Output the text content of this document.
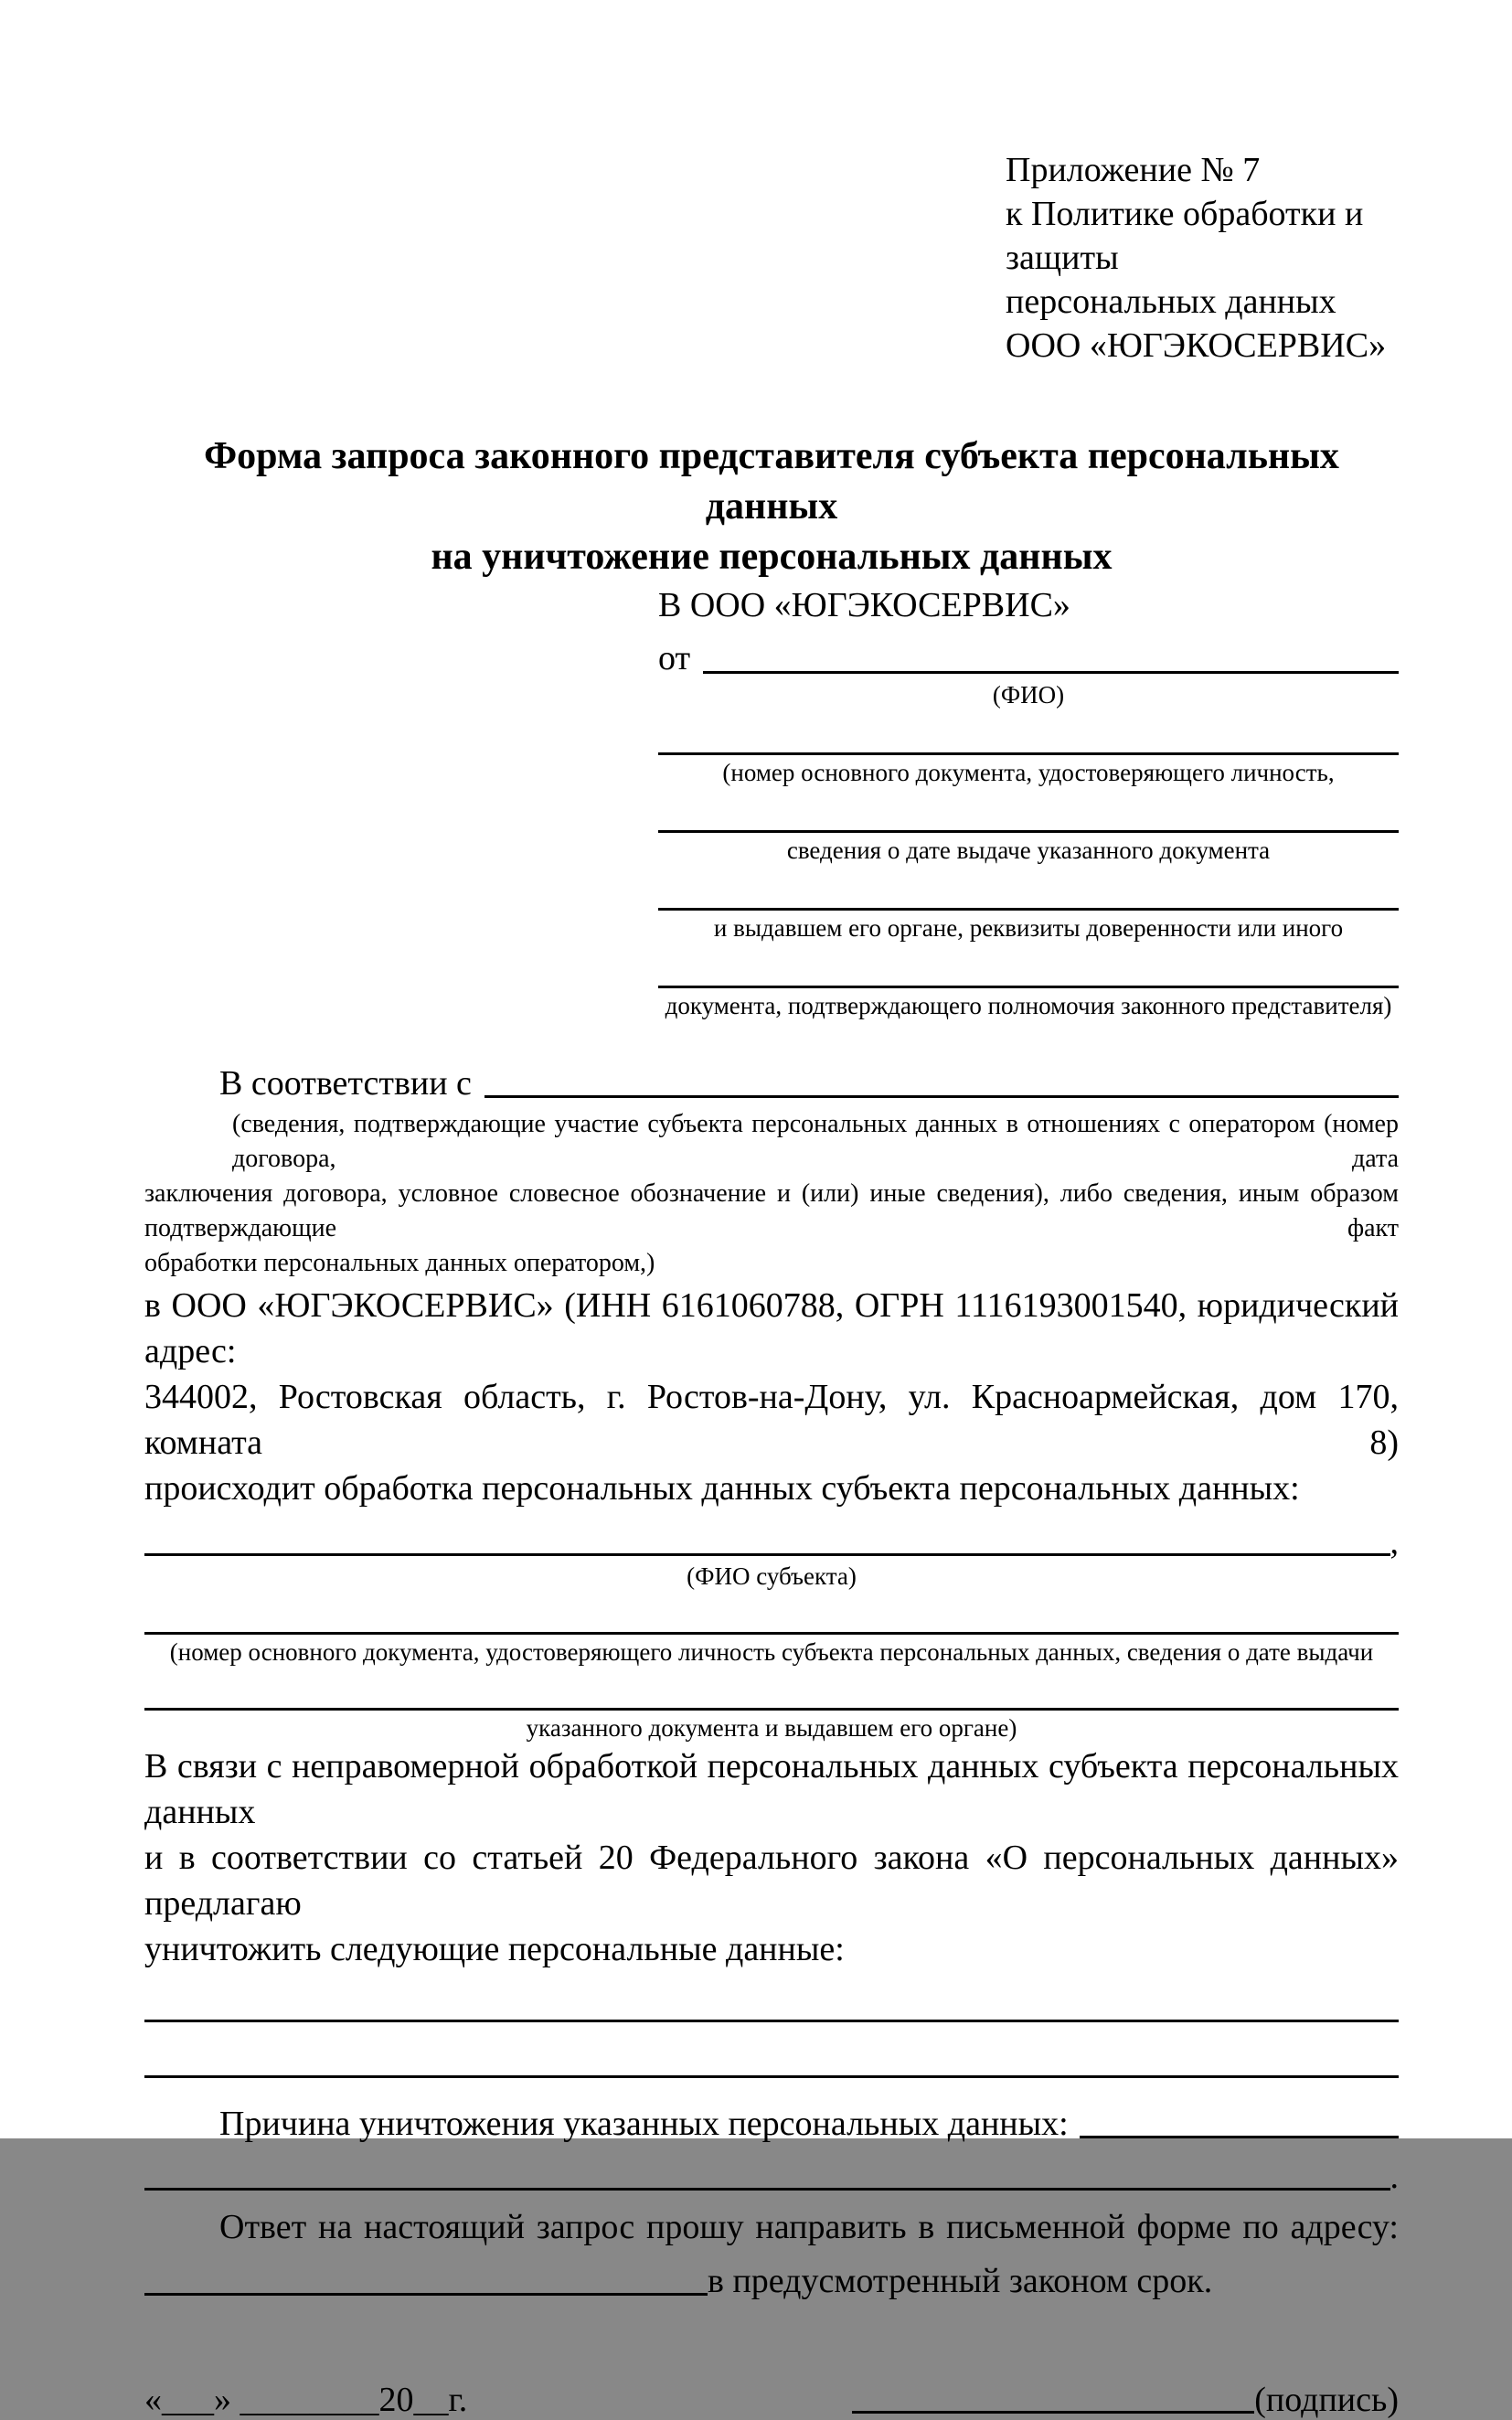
Приложение № 7
к Политике обработки и защиты
персональных данных
ООО «ЮГЭКОСЕРВИС»
Форма запроса законного представителя субъекта персональных данных
на уничтожение персональных данных
В ООО «ЮГЭКОСЕРВИС»
от
(ФИО)
(номер основного документа, удостоверяющего личность,
сведения о дате выдаче указанного документа
и выдавшем его органе, реквизиты доверенности или иного
документа, подтверждающего полномочия законного представителя)
В соответствии с
(сведения, подтверждающие участие субъекта персональных данных в отношениях с оператором (номер договора, дата
заключения договора, условное словесное обозначение и (или) иные сведения), либо сведения, иным образом подтверждающие факт
обработки персональных данных оператором,)
в ООО «ЮГЭКОСЕРВИС» (ИНН 6161060788, ОГРН 1116193001540, юридический адрес:
344002, Ростовская область, г. Ростов-на-Дону, ул. Красноармейская, дом 170, комната 8)
происходит обработка персональных данных субъекта персональных данных:
,
(ФИО субъекта)
(номер основного документа, удостоверяющего личность субъекта персональных данных, сведения о дате выдачи
указанного документа и выдавшем его органе)
В связи с неправомерной обработкой персональных данных субъекта персональных данных
и в соответствии со статьей 20 Федерального закона «О персональных данных» предлагаю
уничтожить следующие персональные данные:
Причина уничтожения указанных персональных данных:
.
Ответ на настоящий запрос прошу направить в письменной форме по адресу:
в предусмотренный законом срок.
«___» ________20__г.	(подпись)
